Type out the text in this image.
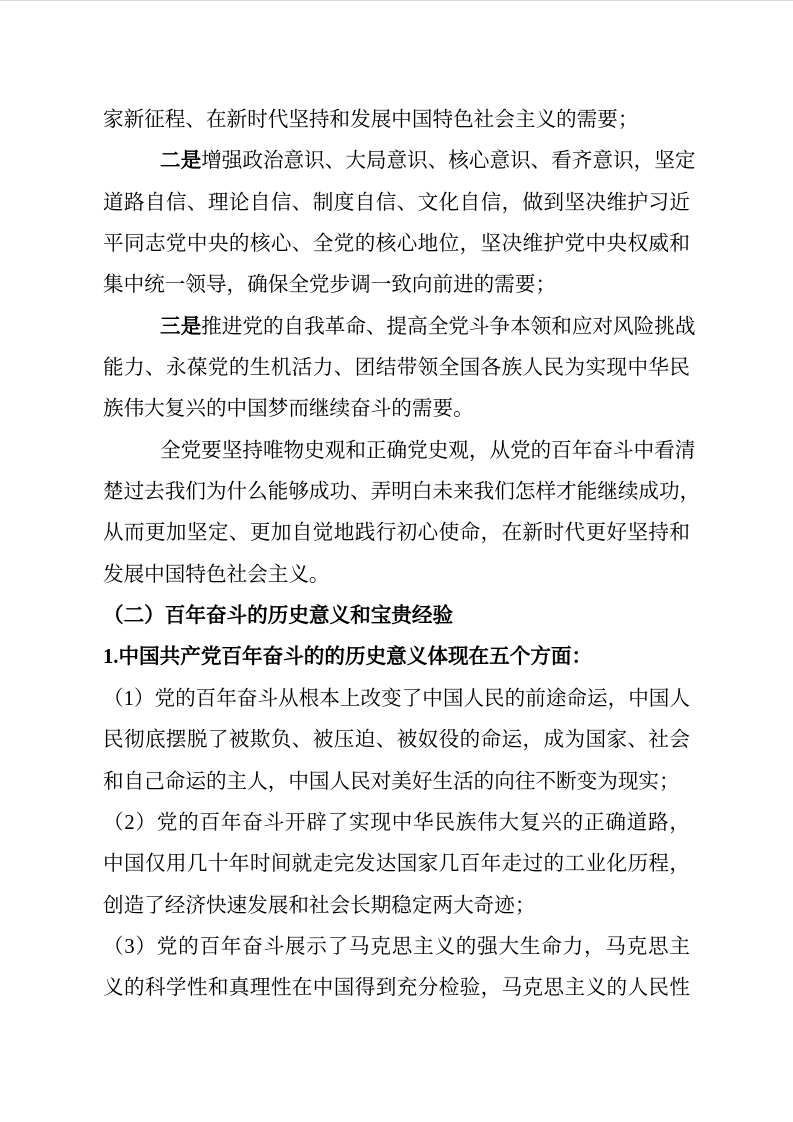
家新征程、在新时代坚持和发展中国特色社会主义的需要；
二是增强政治意识、大局意识、核心意识、看齐意识，坚定
道路自信、理论自信、制度自信、文化自信，做到坚决维护习近
平同志党中央的核心、全党的核心地位，坚决维护党中央权威和
集中统一领导，确保全党步调一致向前进的需要；
三是推进党的自我革命、提高全党斗争本领和应对风险挑战
能力、永葆党的生机活力、团结带领全国各族人民为实现中华民
族伟大复兴的中国梦而继续奋斗的需要。
全党要坚持唯物史观和正确党史观，从党的百年奋斗中看清
楚过去我们为什么能够成功、弄明白未来我们怎样才能继续成功，
从而更加坚定、更加自觉地践行初心使命，在新时代更好坚持和
发展中国特色社会主义。
（二）百年奋斗的历史意义和宝贵经验
1.中国共产党百年奋斗的的历史意义体现在五个方面：
（1）党的百年奋斗从根本上改变了中国人民的前途命运，中国人
民彻底摆脱了被欺负、被压迫、被奴役的命运，成为国家、社会
和自己命运的主人，中国人民对美好生活的向往不断变为现实；
（2）党的百年奋斗开辟了实现中华民族伟大复兴的正确道路，
中国仅用几十年时间就走完发达国家几百年走过的工业化历程，
创造了经济快速发展和社会长期稳定两大奇迹；
（3）党的百年奋斗展示了马克思主义的强大生命力，马克思主
义的科学性和真理性在中国得到充分检验，马克思主义的人民性
